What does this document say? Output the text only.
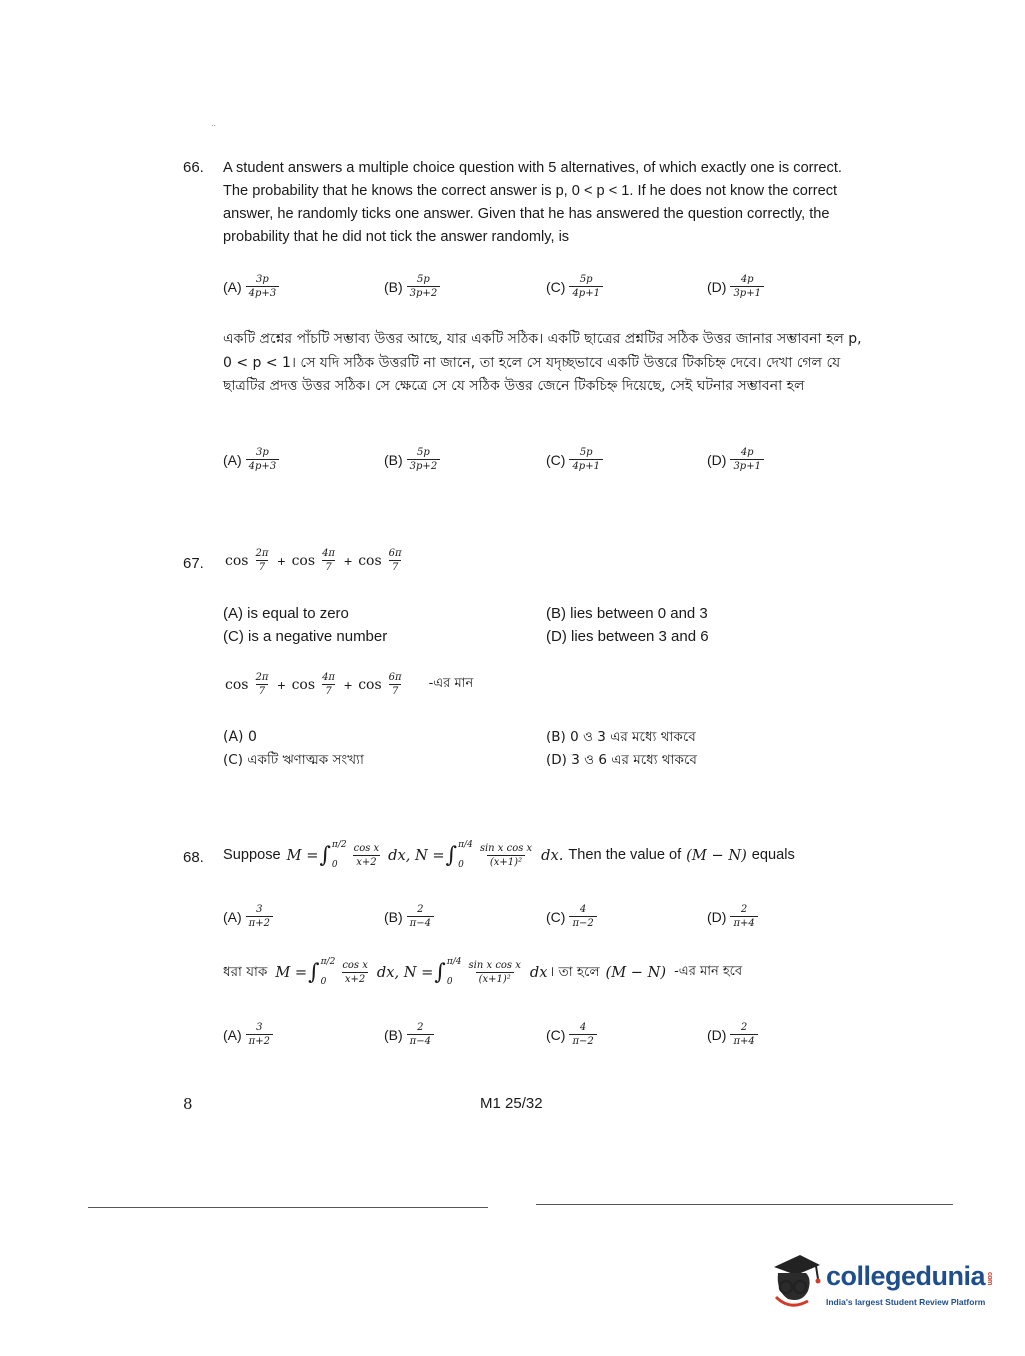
..
66. A student answers a multiple choice question with 5 alternatives, of which exactly one is correct. The probability that he knows the correct answer is p, 0 < p < 1. If he does not know the correct answer, he randomly ticks one answer. Given that he has answered the question correctly, the probability that he did not tick the answer randomly, is
$(A) \frac{3p}{4p+3}$	$(B) \frac{5p}{3p+2}$	$(C) \frac{5p}{4p+1}$	$(D) \frac{4p}{3p+1}$
একটি প্রশ্নের পাঁচটি সম্ভাব্য উত্তর আছে, যার একটি সঠিক। একটি ছাত্রের প্রশ্নটির সঠিক উত্তর জানার সম্ভাবনা হল p, 0 < p < 1। সে যদি সঠিক উত্তরটি না জানে, তা হলে সে যদৃচ্ছভাবে একটি উত্তরে টিকচিহ্ন দেবে। দেখা গেল যে ছাত্রটির প্রদত্ত উত্তর সঠিক। সে ক্ষেত্রে সে যে সঠিক উত্তর জেনে টিকচিহ্ন দিয়েছে, সেই ঘটনার সম্ভাবনা হল
$(A) \frac{3p}{4p+3}$	$(B) \frac{5p}{3p+2}$	$(C) \frac{5p}{4p+1}$	$(D) \frac{4p}{3p+1}$
67. $\cos \frac{2\pi}{7} + \cos \frac{4\pi}{7} + \cos \frac{6\pi}{7}$
(A) is equal to zero	(B) lies between 0 and 3
(C) is a negative number	(D) lies between 3 and 6
$\cos \frac{2\pi}{7} + \cos \frac{4\pi}{7} + \cos \frac{6\pi}{7}$ -এর মান
(A) 0	(B) 0 ও 3 এর মধ্যে থাকবে
(C) একটি ঋণাত্মক সংখ্যা	(D) 3 ও 6 এর মধ্যে থাকবে
68. Suppose M = ∫ π/2
0	$\frac{\text{cos x}}{x+2}$ dx, N = ∫ π/4
0	$\frac{\text{sin x cos x}}{\text{(x+1)²}}$ dx. Then the value of (M − N) equals
$(A) \frac{3}{\pi+2}$	$(B) \frac{2}{\pi-4}$	$(C) \frac{4}{\pi-2}$	$(D) \frac{2}{\pi+4}$
ধরা যাক M = ∫ π/2
0	$\frac{\text{cos x}}{x+2}$ dx, N = ∫ π/4
0	$\frac{\text{sin x cos x}}{\text{(x+1)²}}$ dx । তা হলে (M − N) -এর মান হবে
$(A) \frac{3}{\pi+2}$	$(B) \frac{2}{\pi-4}$	$(C) \frac{4}{\pi-2}$	$(D) \frac{2}{\pi+4}$
8	M1 25/32
collegeduniacom
India's largest Student Review Platform
